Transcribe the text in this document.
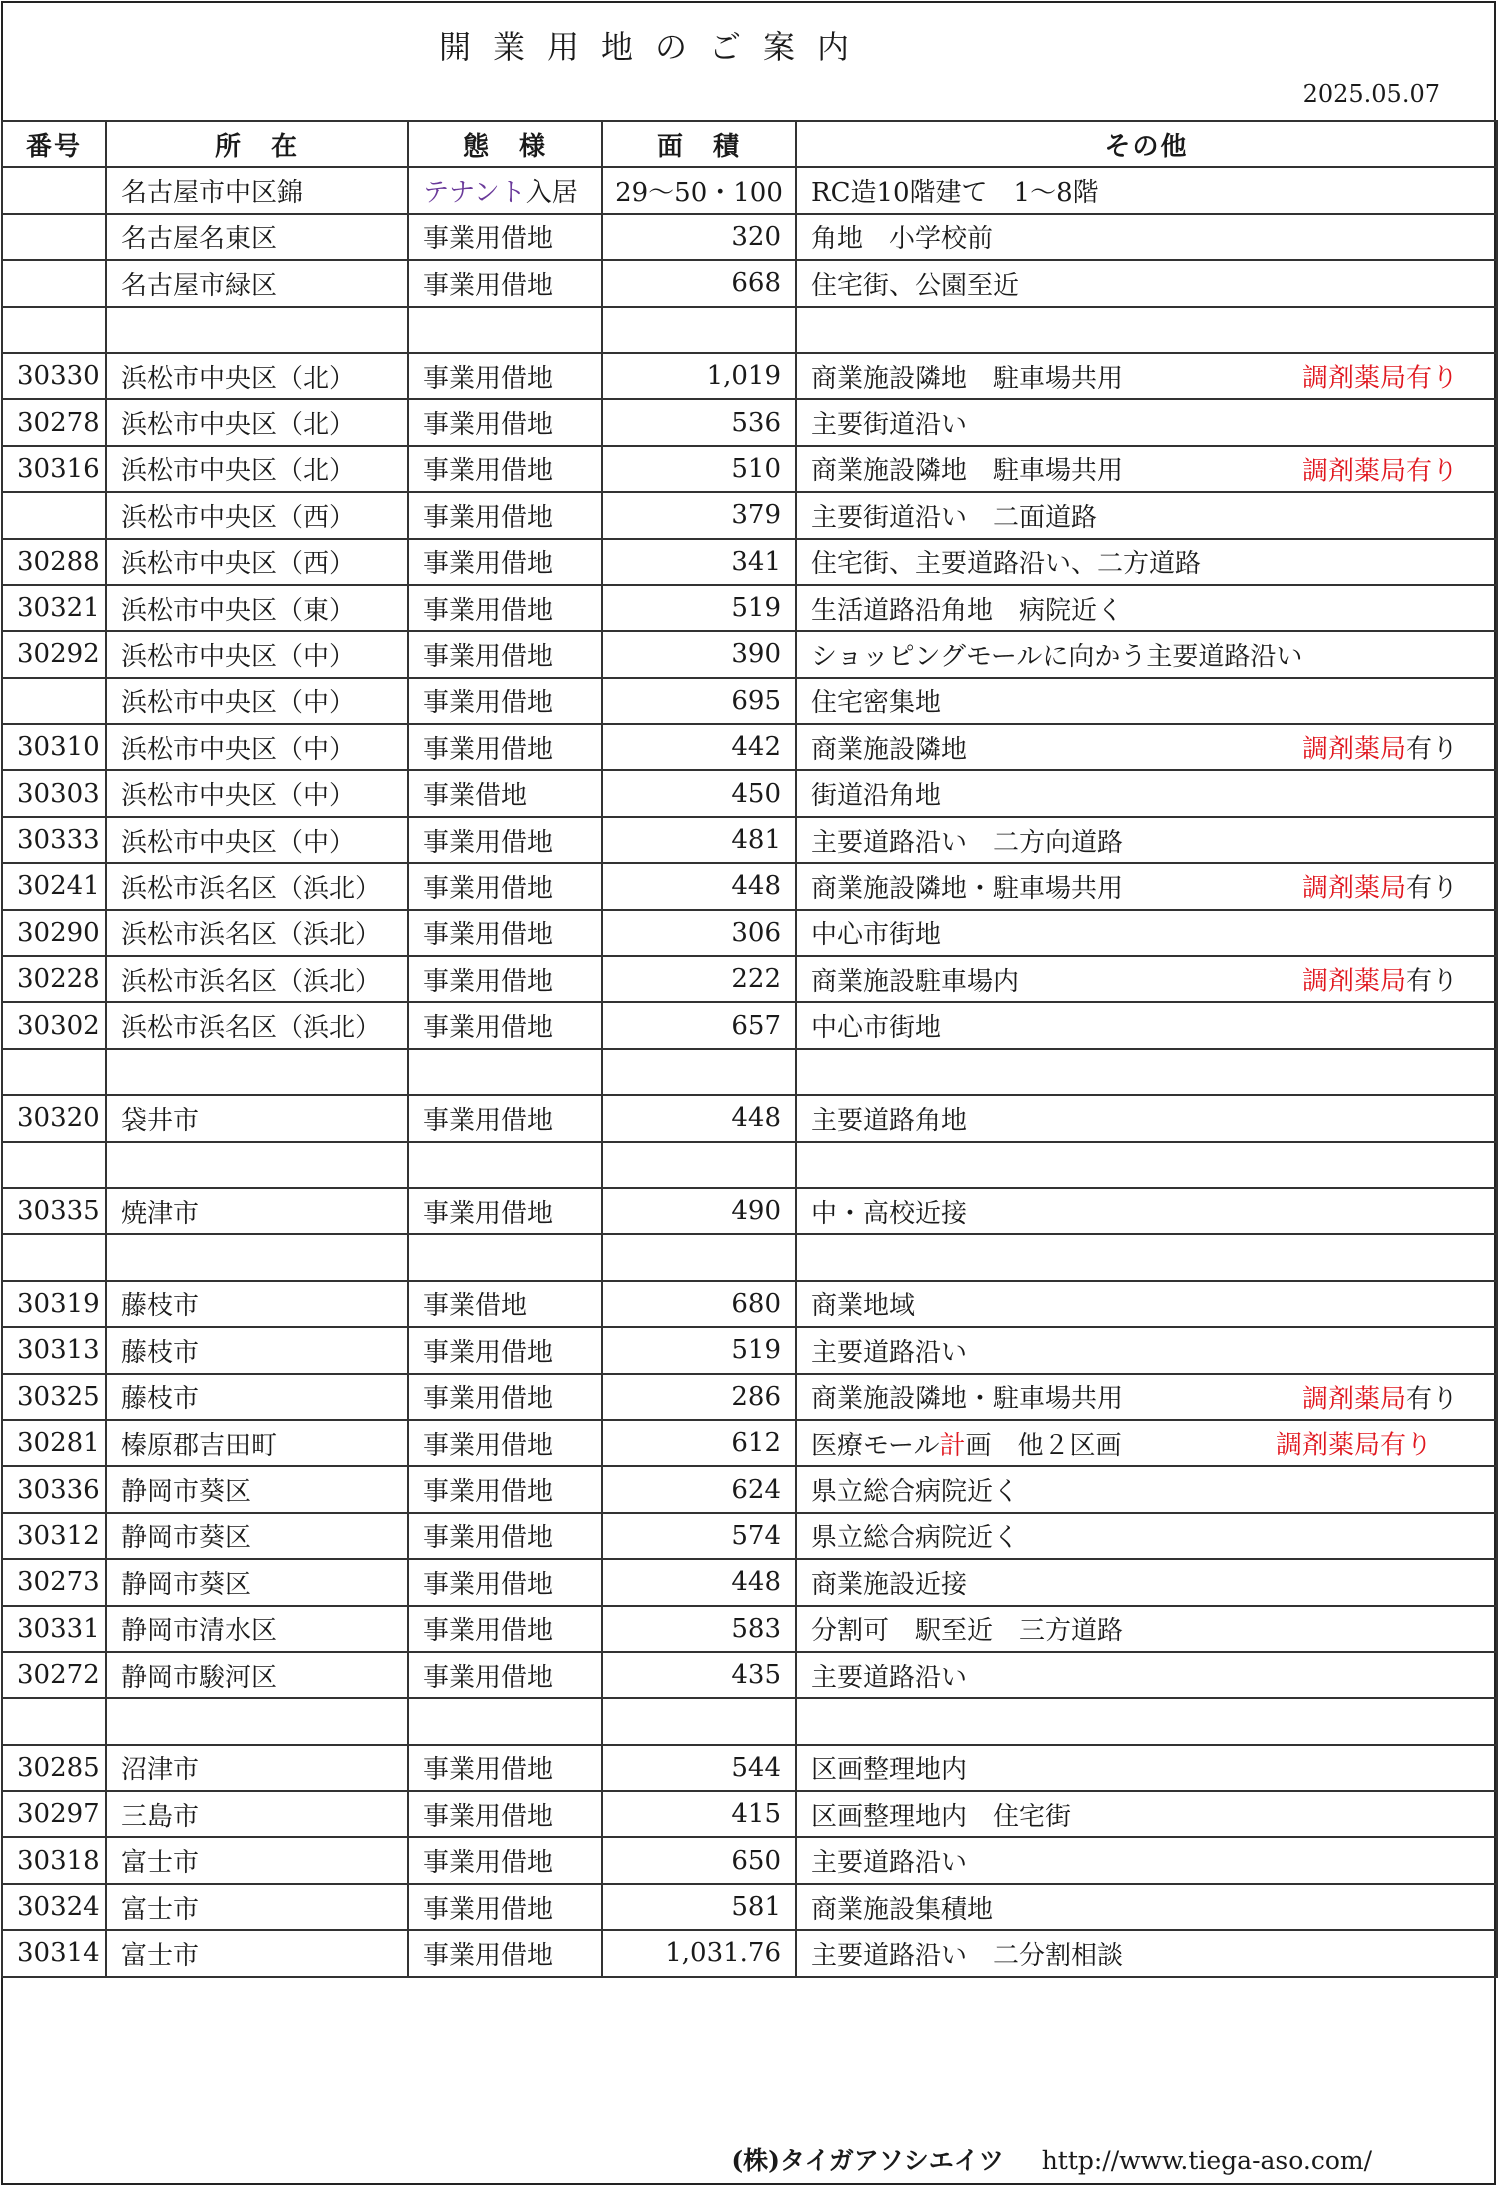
開業用地のご案内
2025.05.07
番号	所　在	態　様	面　積	その他
	名古屋市中区錦	テナント入居	29～50・100	RC造10階建て　1～8階
	名古屋名東区	事業用借地	320	角地　小学校前
	名古屋市緑区	事業用借地	668	住宅街、公園至近

30330	浜松市中央区（北）	事業用借地	1,019	商業施設隣地　駐車場共用 調剤薬局有り

30278	浜松市中央区（北）	事業用借地	536	主要街道沿い
30316	浜松市中央区（北）	事業用借地	510	商業施設隣地　駐車場共用 調剤薬局有り

	浜松市中央区（西）	事業用借地	379	主要街道沿い　二面道路
30288	浜松市中央区（西）	事業用借地	341	住宅街、主要道路沿い、二方道路
30321	浜松市中央区（東）	事業用借地	519	生活道路沿角地　病院近く
30292	浜松市中央区（中）	事業用借地	390	ショッピングモールに向かう主要道路沿い
	浜松市中央区（中）	事業用借地	695	住宅密集地
30310	浜松市中央区（中）	事業用借地	442	商業施設隣地 調剤薬局有り

30303	浜松市中央区（中）	事業借地	450	街道沿角地
30333	浜松市中央区（中）	事業用借地	481	主要道路沿い　二方向道路
30241	浜松市浜名区（浜北）	事業用借地	448	商業施設隣地・駐車場共用 調剤薬局有り

30290	浜松市浜名区（浜北）	事業用借地	306	中心市街地
30228	浜松市浜名区（浜北）	事業用借地	222	商業施設駐車場内 調剤薬局有り

30302	浜松市浜名区（浜北）	事業用借地	657	中心市街地

30320	袋井市	事業用借地	448	主要道路角地

30335	焼津市	事業用借地	490	中・高校近接

30319	藤枝市	事業借地	680	商業地域
30313	藤枝市	事業用借地	519	主要道路沿い
30325	藤枝市	事業用借地	286	商業施設隣地・駐車場共用 調剤薬局有り

30281	榛原郡吉田町	事業用借地	612	医療モール計画　他２区画 調剤薬局有り

30336	静岡市葵区	事業用借地	624	県立総合病院近く
30312	静岡市葵区	事業用借地	574	県立総合病院近く
30273	静岡市葵区	事業用借地	448	商業施設近接
30331	静岡市清水区	事業用借地	583	分割可　駅至近　三方道路
30272	静岡市駿河区	事業用借地	435	主要道路沿い

30285	沼津市	事業用借地	544	区画整理地内
30297	三島市	事業用借地	415	区画整理地内　住宅街
30318	富士市	事業用借地	650	主要道路沿い
30324	富士市	事業用借地	581	商業施設集積地
30314	富士市	事業用借地	1,031.76	主要道路沿い　二分割相談
(株)タイガアソシエイツ http://www.tiega-aso.com/
